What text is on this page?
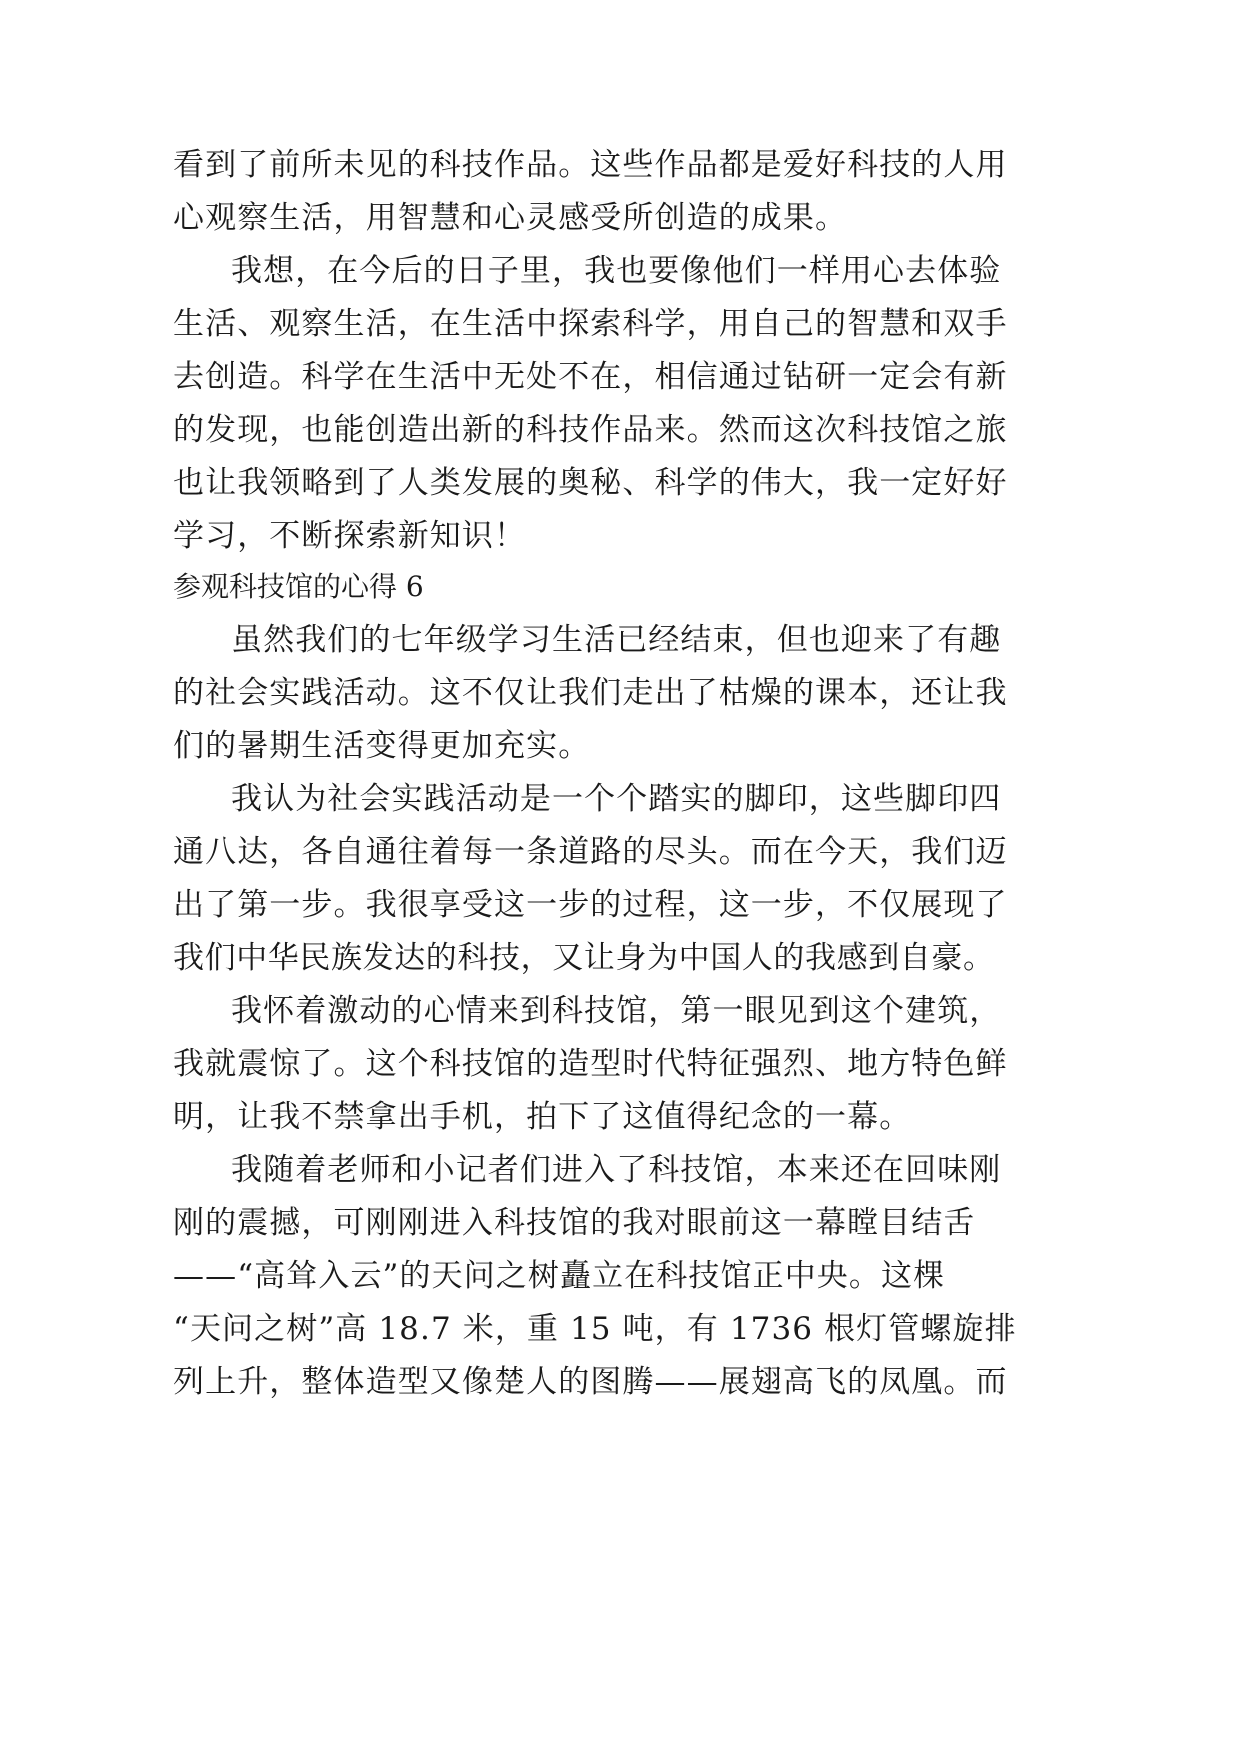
看到了前所未见的科技作品。这些作品都是爱好科技的人用
心观察生活，用智慧和心灵感受所创造的成果。
我想，在今后的日子里，我也要像他们一样用心去体验
生活、观察生活，在生活中探索科学，用自己的智慧和双手
去创造。科学在生活中无处不在，相信通过钻研一定会有新
的发现，也能创造出新的科技作品来。然而这次科技馆之旅
也让我领略到了人类发展的奥秘、科学的伟大，我一定好好
学习，不断探索新知识！
参观科技馆的心得 6
虽然我们的七年级学习生活已经结束，但也迎来了有趣
的社会实践活动。这不仅让我们走出了枯燥的课本，还让我
们的暑期生活变得更加充实。
我认为社会实践活动是一个个踏实的脚印，这些脚印四
通八达，各自通往着每一条道路的尽头。而在今天，我们迈
出了第一步。我很享受这一步的过程，这一步，不仅展现了
我们中华民族发达的科技，又让身为中国人的我感到自豪。
我怀着激动的心情来到科技馆，第一眼见到这个建筑，
我就震惊了。这个科技馆的造型时代特征强烈、地方特色鲜
明，让我不禁拿出手机，拍下了这值得纪念的一幕。
我随着老师和小记者们进入了科技馆，本来还在回味刚
刚的震撼，可刚刚进入科技馆的我对眼前这一幕瞠目结舌
——“高耸入云”的天问之树矗立在科技馆正中央。这棵
“天问之树”高 18.7 米，重 15 吨，有 1736 根灯管螺旋排
列上升，整体造型又像楚人的图腾——展翅高飞的凤凰。而
